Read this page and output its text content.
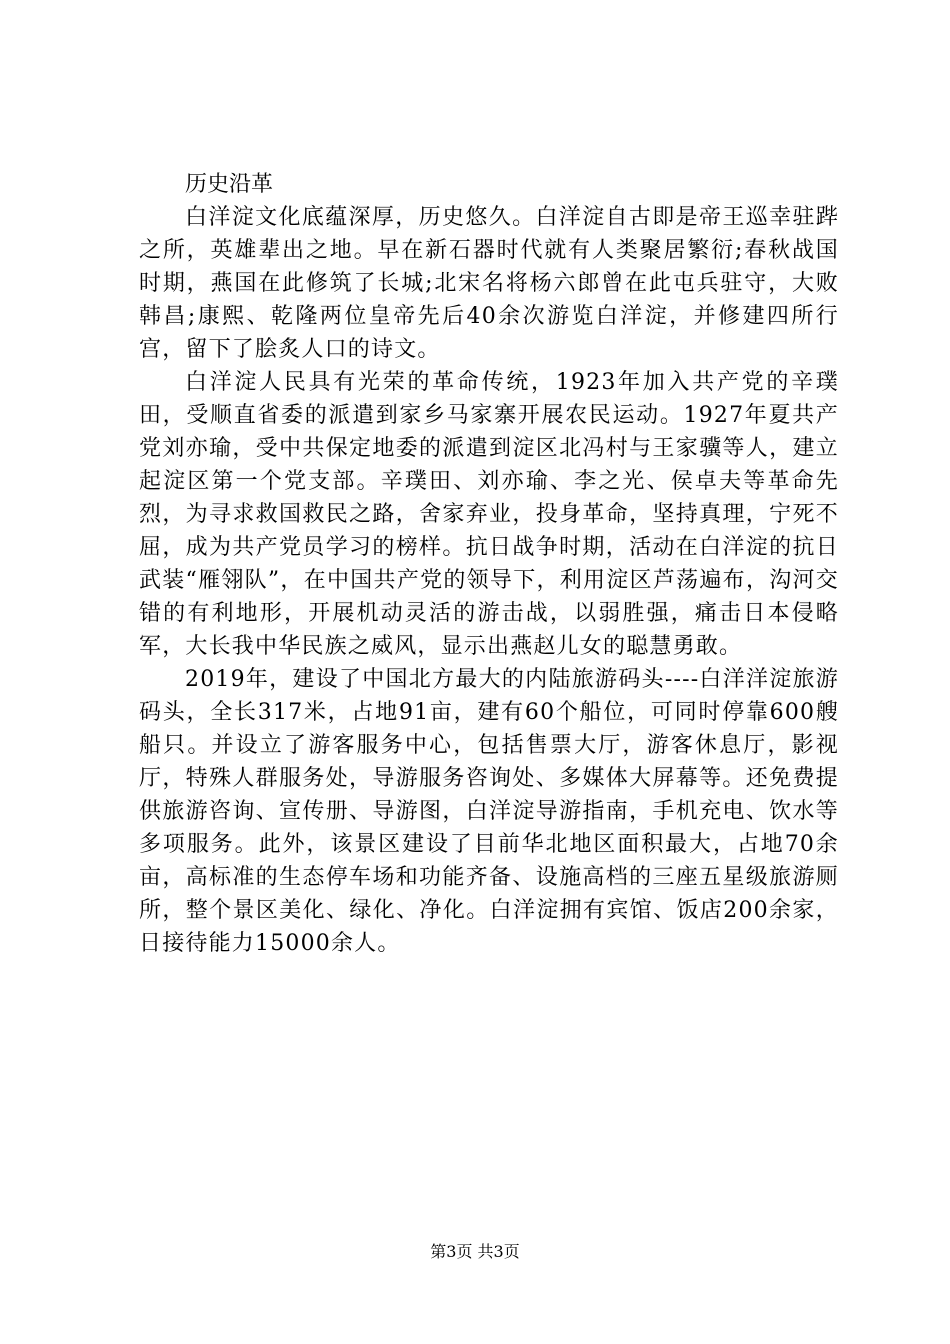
历史沿革

白洋淀文化底蕴深厚，历史悠久。白洋淀自古即是帝王巡幸驻跸之所，英雄辈出之地。早在新石器时代就有人类聚居繁衍;春秋战国时期，燕国在此修筑了长城;北宋名将杨六郎曾在此屯兵驻守，大败韩昌;康熙、乾隆两位皇帝先后40余次游览白洋淀，并修建四所行宫，留下了脍炙人口的诗文。

白洋淀人民具有光荣的革命传统，1923年加入共产党的辛璞田，受顺直省委的派遣到家乡马家寨开展农民运动。1927年夏共产党刘亦瑜，受中共保定地委的派遣到淀区北冯村与王家骥等人，建立起淀区第一个党支部。辛璞田、刘亦瑜、李之光、侯卓夫等革命先烈，为寻求救国救民之路，舍家弃业，投身革命，坚持真理，宁死不屈，成为共产党员学习的榜样。抗日战争时期，活动在白洋淀的抗日武装“雁翎队”，在中国共产党的领导下，利用淀区芦荡遍布，沟河交错的有利地形，开展机动灵活的游击战，以弱胜强，痛击日本侵略军，大长我中华民族之威风，显示出燕赵儿女的聪慧勇敢。

2019年，建设了中国北方最大的内陆旅游码头----白洋洋淀旅游码头，全长317米，占地91亩，建有60个船位，可同时停靠600艘船只。并设立了游客服务中心，包括售票大厅，游客休息厅，影视厅，特殊人群服务处，导游服务咨询处、多媒体大屏幕等。还免费提供旅游咨询、宣传册、导游图，白洋淀导游指南，手机充电、饮水等多项服务。此外，该景区建设了目前华北地区面积最大，占地70余亩，高标准的生态停车场和功能齐备、设施高档的三座五星级旅游厕所，整个景区美化、绿化、净化。白洋淀拥有宾馆、饭店200余家，日接待能力15000余人。

第3页 共3页
